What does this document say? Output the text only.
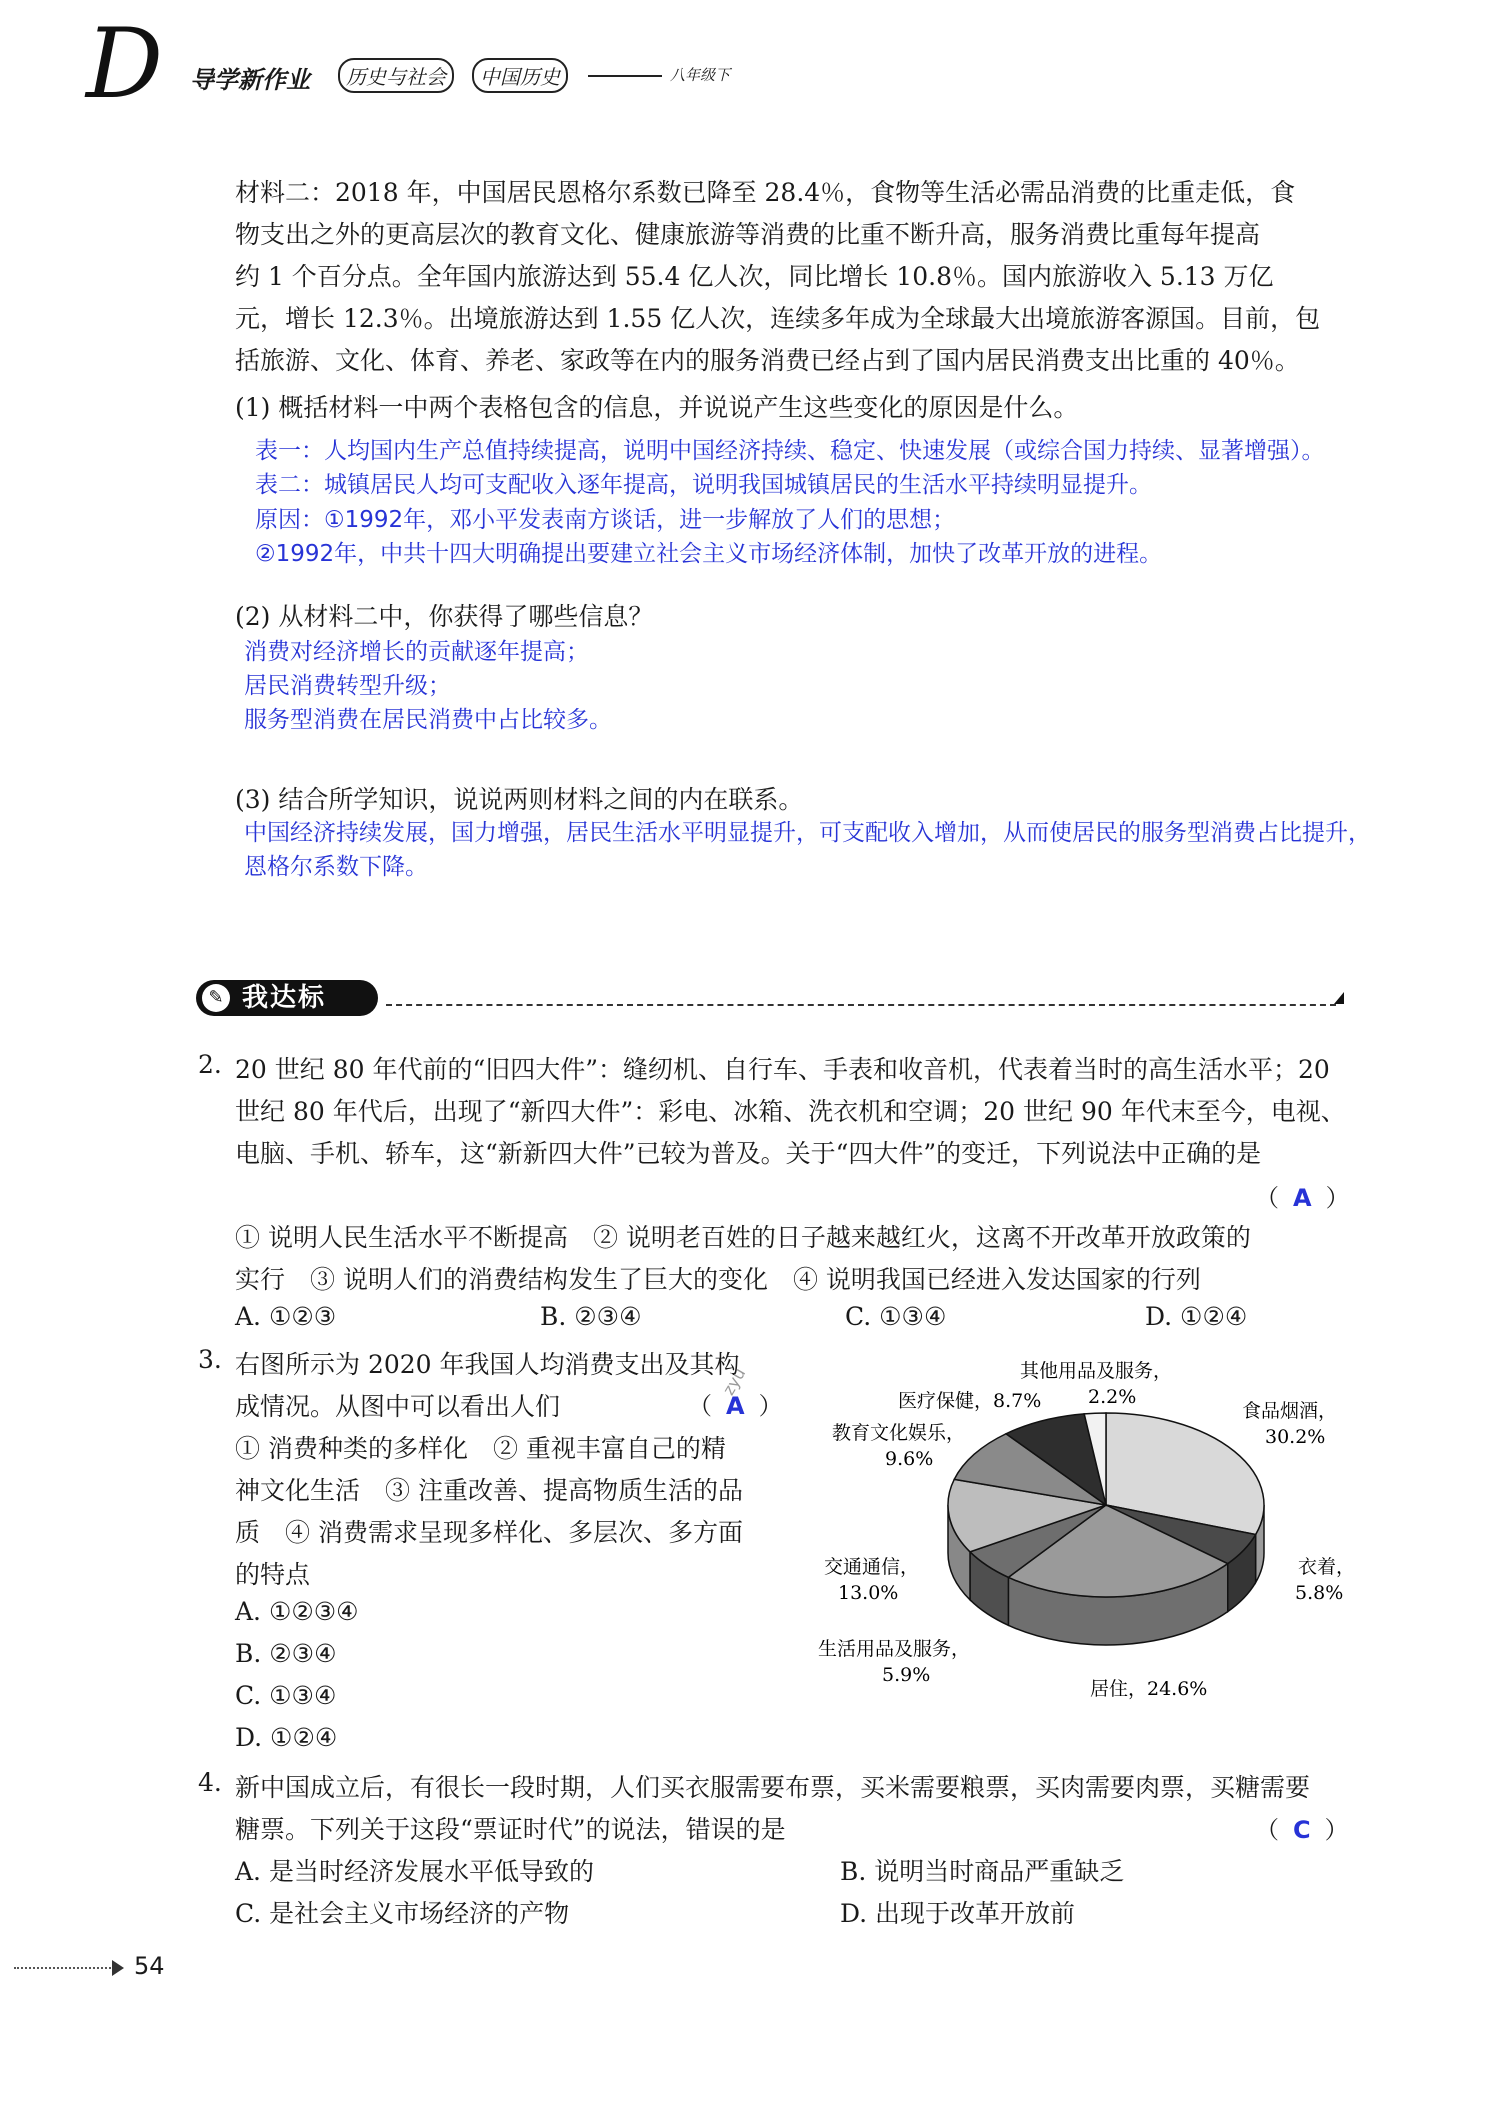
D 导学新作业	历史与社会	中国历史	八年级下
材料二：2018 年，中国居民恩格尔系数已降至 28.4％，食物等生活必需品消费的比重走低，食
物支出之外的更高层次的教育文化、健康旅游等消费的比重不断升高，服务消费比重每年提高
约 1 个百分点。全年国内旅游达到 55.4 亿人次，同比增长 10.8％。国内旅游收入 5.13 万亿
元，增长 12.3％。出境旅游达到 1.55 亿人次，连续多年成为全球最大出境旅游客源国。目前，包
括旅游、文化、体育、养老、家政等在内的服务消费已经占到了国内居民消费支出比重的 40％。
(1) 概括材料一中两个表格包含的信息，并说说产生这些变化的原因是什么。
表一：人均国内生产总值持续提高，说明中国经济持续、稳定、快速发展（或综合国力持续、显著增强）。
表二：城镇居民人均可支配收入逐年提高，说明我国城镇居民的生活水平持续明显提升。
原因：①1992年，邓小平发表南方谈话，进一步解放了人们的思想；
②1992年，中共十四大明确提出要建立社会主义市场经济体制，加快了改革开放的进程。
(2) 从材料二中，你获得了哪些信息？
消费对经济增长的贡献逐年提高；
居民消费转型升级；
服务型消费在居民消费中占比较多。
(3) 结合所学知识，说说两则材料之间的内在联系。
中国经济持续发展，国力增强，居民生活水平明显提升，可支配收入增加，从而使居民的服务型消费占比提升，
恩格尔系数下降。
✎ 我达标
2. 20 世纪 80 年代前的“旧四大件”：缝纫机、自行车、手表和收音机，代表着当时的高生活水平；20
世纪 80 年代后，出现了“新四大件”：彩电、冰箱、洗衣机和空调；20 世纪 90 年代末至今，电视、
电脑、手机、轿车，这“新新四大件”已较为普及。关于“四大件”的变迁，下列说法中正确的是
（ A ）
① 说明人民生活水平不断提高　② 说明老百姓的日子越来越红火，这离不开改革开放政策的
实行　③ 说明人们的消费结构发生了巨大的变化　④ 说明我国已经进入发达国家的行列
A. ①②③	B. ②③④	C. ①③④	D. ①②④
3. 右图所示为 2020 年我国人均消费支出及其构
成情况。从图中可以看出人们	（ A ）
① 消费种类的多样化　② 重视丰富自己的精
神文化生活　③ 注重改善、提高物质生活的品
质　④ 消费需求呈现多样化、多层次、多方面
的特点
A. ①②③④
B. ②③④
C. ①③④
D. ①②④
zyu
食品烟酒，
30.2%
衣着，
5.8%
居住，24.6%
生活用品及服务，
5.9%
交通通信，
13.0%
教育文化娱乐，
9.6%
医疗保健，8.7%
其他用品及服务，
2.2%
4. 新中国成立后，有很长一段时期，人们买衣服需要布票，买米需要粮票，买肉需要肉票，买糖需要
糖票。下列关于这段“票证时代”的说法，错误的是	（ C ）
A. 是当时经济发展水平低导致的	B. 说明当时商品严重缺乏
C. 是社会主义市场经济的产物	D. 出现于改革开放前
54
